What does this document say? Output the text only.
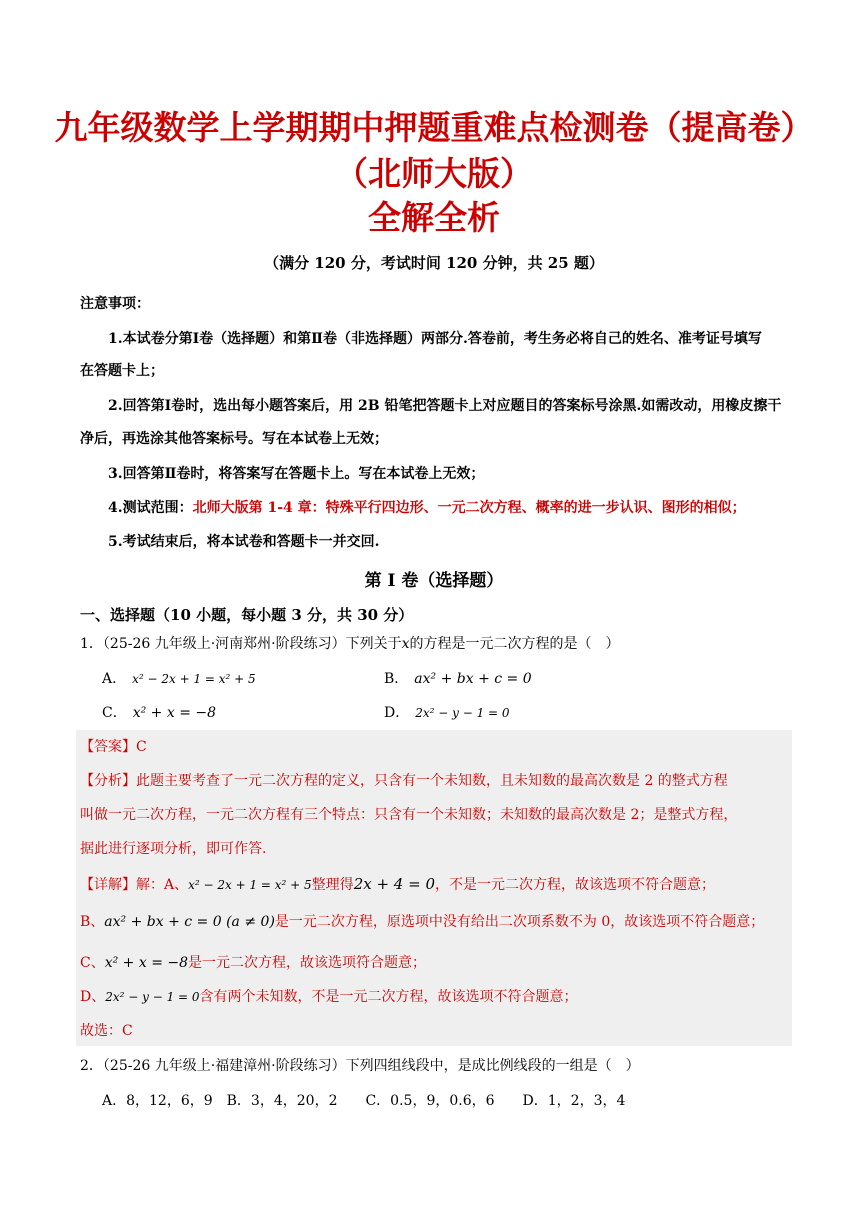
九年级数学上学期期中押题重难点检测卷（提高卷）
（北师大版）
全解全析
（满分 120 分，考试时间 120 分钟，共 25 题）
注意事项：
1.本试卷分第Ⅰ卷（选择题）和第Ⅱ卷（非选择题）两部分.答卷前，考生务必将自己的姓名、准考证号填写
在答题卡上；
2.回答第Ⅰ卷时，选出每小题答案后，用 2B 铅笔把答题卡上对应题目的答案标号涂黑.如需改动，用橡皮擦干
净后，再选涂其他答案标号。写在本试卷上无效；
3.回答第Ⅱ卷时，将答案写在答题卡上。写在本试卷上无效；
4.测试范围：北师大版第 1-4 章：特殊平行四边形、一元二次方程、概率的进一步认识、图形的相似；
5.考试结束后，将本试卷和答题卡一并交回.
第 I 卷（选择题）
一、选择题（10 小题，每小题 3 分，共 30 分）
1．（25-26 九年级上·河南郑州·阶段练习）下列关于x的方程是一元二次方程的是（　）
A． x² − 2x + 1 = x² + 5	B． ax² + bx + c = 0
C． x² + x = −8	D． 2x² − y − 1 = 0
【答案】C
【分析】此题主要考查了一元二次方程的定义，只含有一个未知数，且未知数的最高次数是 2 的整式方程
叫做一元二次方程，一元二次方程有三个特点：只含有一个未知数；未知数的最高次数是 2；是整式方程，
据此进行逐项分析，即可作答.
【详解】解：A、x² − 2x + 1 = x² + 5整理得2x + 4 = 0，不是一元二次方程，故该选项不符合题意；
B、ax² + bx + c = 0 (a ≠ 0)是一元二次方程，原选项中没有给出二次项系数不为 0，故该选项不符合题意；
C、x² + x = −8是一元二次方程，故该选项符合题意；
D、2x² − y − 1 = 0含有两个未知数，不是一元二次方程，故该选项不符合题意；
故选：C
2．（25-26 九年级上·福建漳州·阶段练习）下列四组线段中，是成比例线段的一组是（　）
A．8，12，6，9　B．3，4，20，2　　C．0.5，9，0.6，6　　D．1，2，3，4
